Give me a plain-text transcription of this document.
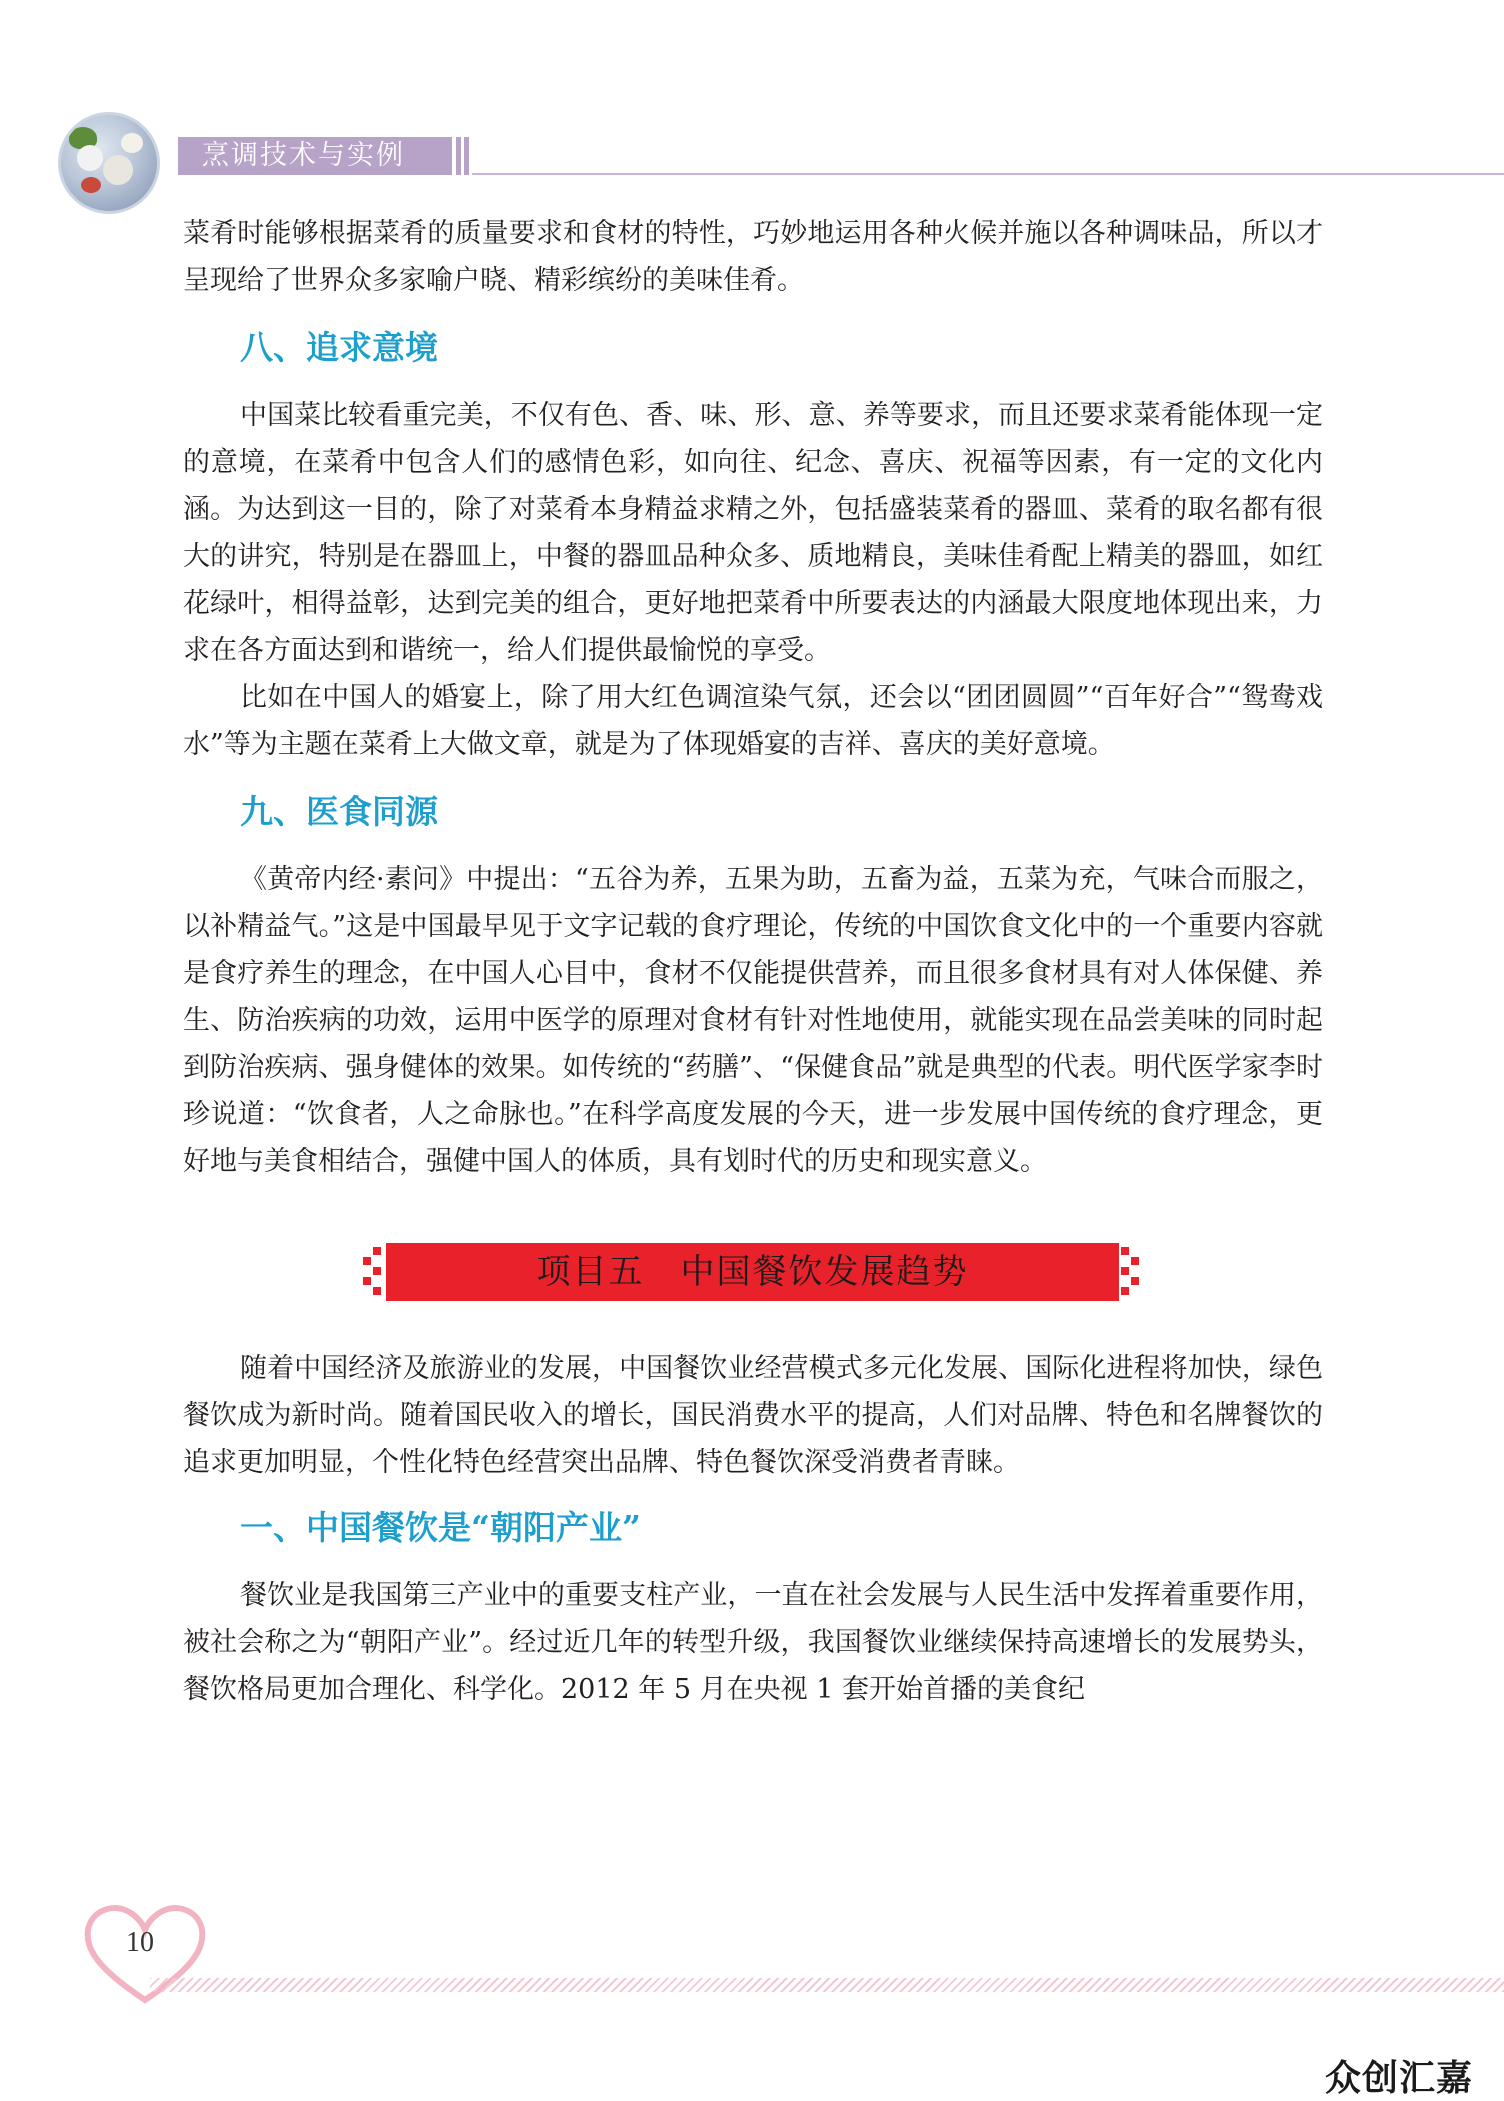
烹调技术与实例

菜肴时能够根据菜肴的质量要求和食材的特性，巧妙地运用各种火候并施以各种调味品，所以才呈现给了世界众多家喻户晓、精彩缤纷的美味佳肴。

八、追求意境

中国菜比较看重完美，不仅有色、香、味、形、意、养等要求，而且还要求菜肴能体现一定的意境，在菜肴中包含人们的感情色彩，如向往、纪念、喜庆、祝福等因素，有一定的文化内涵。为达到这一目的，除了对菜肴本身精益求精之外，包括盛装菜肴的器皿、菜肴的取名都有很大的讲究，特别是在器皿上，中餐的器皿品种众多、质地精良，美味佳肴配上精美的器皿，如红花绿叶，相得益彰，达到完美的组合，更好地把菜肴中所要表达的内涵最大限度地体现出来，力求在各方面达到和谐统一，给人们提供最愉悦的享受。

比如在中国人的婚宴上，除了用大红色调渲染气氛，还会以“团团圆圆”“百年好合”“鸳鸯戏水”等为主题在菜肴上大做文章，就是为了体现婚宴的吉祥、喜庆的美好意境。

九、医食同源

《黄帝内经·素问》中提出：“五谷为养，五果为助，五畜为益，五菜为充，气味合而服之，以补精益气。”这是中国最早见于文字记载的食疗理论，传统的中国饮食文化中的一个重要内容就是食疗养生的理念，在中国人心目中，食材不仅能提供营养，而且很多食材具有对人体保健、养生、防治疾病的功效，运用中医学的原理对食材有针对性地使用，就能实现在品尝美味的同时起到防治疾病、强身健体的效果。如传统的“药膳”、“保健食品”就是典型的代表。明代医学家李时珍说道：“饮食者，人之命脉也。”在科学高度发展的今天，进一步发展中国传统的食疗理念，更好地与美食相结合，强健中国人的体质，具有划时代的历史和现实意义。

项目五　中国餐饮发展趋势

随着中国经济及旅游业的发展，中国餐饮业经营模式多元化发展、国际化进程将加快，绿色餐饮成为新时尚。随着国民收入的增长，国民消费水平的提高，人们对品牌、特色和名牌餐饮的追求更加明显，个性化特色经营突出品牌、特色餐饮深受消费者青睐。

一、中国餐饮是“朝阳产业”

餐饮业是我国第三产业中的重要支柱产业，一直在社会发展与人民生活中发挥着重要作用，被社会称之为“朝阳产业”。经过近几年的转型升级，我国餐饮业继续保持高速增长的发展势头，餐饮格局更加合理化、科学化。2012 年 5 月在央视 1 套开始首播的美食纪

10
众创汇嘉
